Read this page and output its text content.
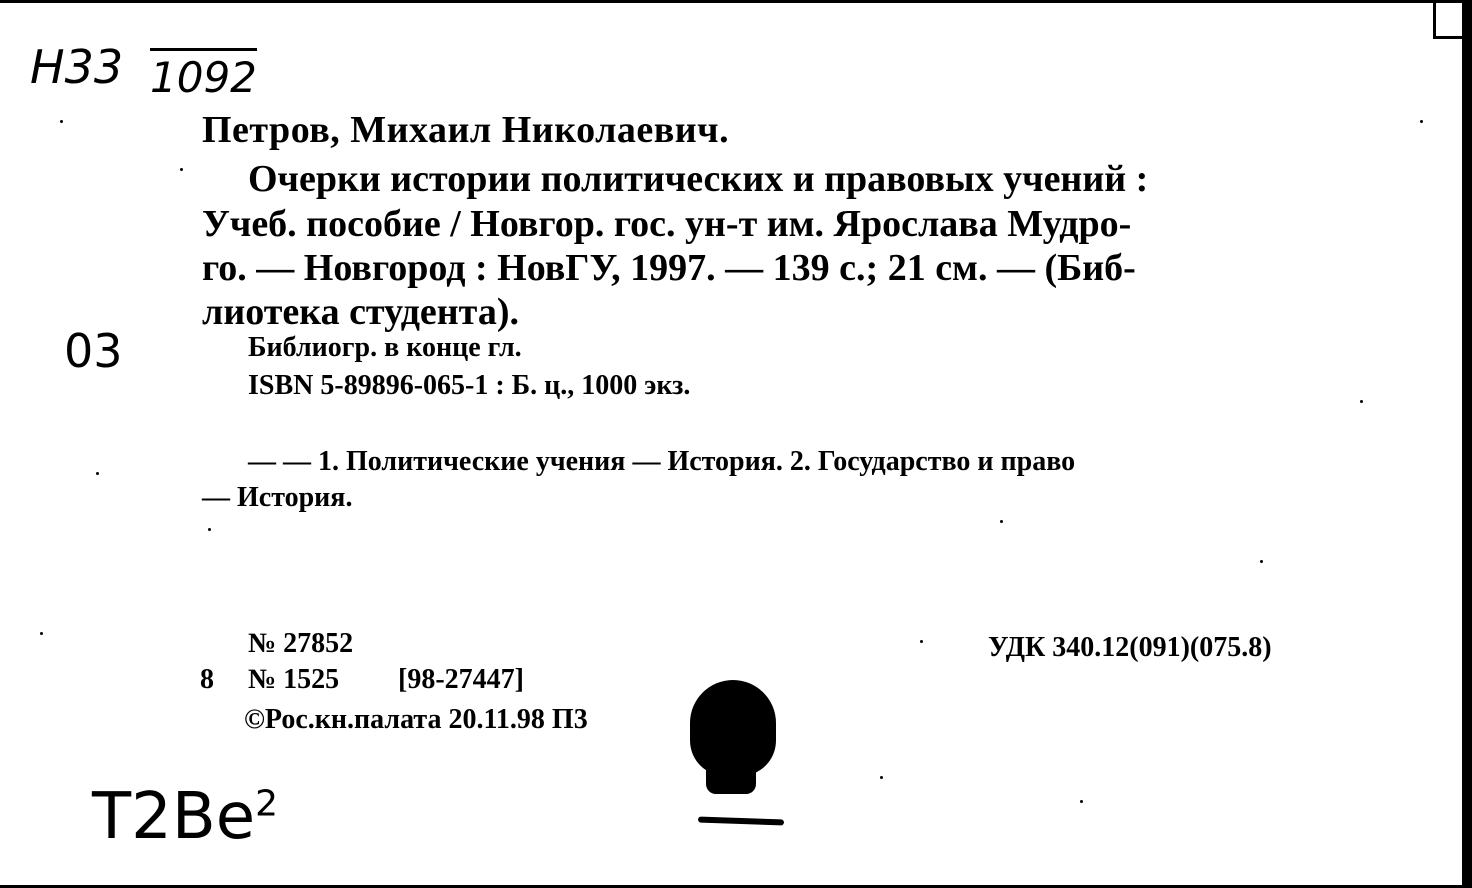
Н33 1092
Петров, Михаил Николаевич.
Очерки истории политических и правовых учений :
Учеб. пособие / Новгор. гос. ун-т им. Ярослава Мудро-
го. — Новгород : НовГУ, 1997. — 139 с.; 21 см. — (Биб-
лиотека студента).
03	Библиогр. в конце гл.
ISBN 5-89896-065-1 : Б. ц., 1000 экз.
— — 1. Политические учения — История. 2. Государство и право
— История.
№ 27852	УДК 340.12(091)(075.8)
8 № 1525 [98-27447]
©Рос.кн.палата 20.11.98 П3
$Т2Ве^2$
